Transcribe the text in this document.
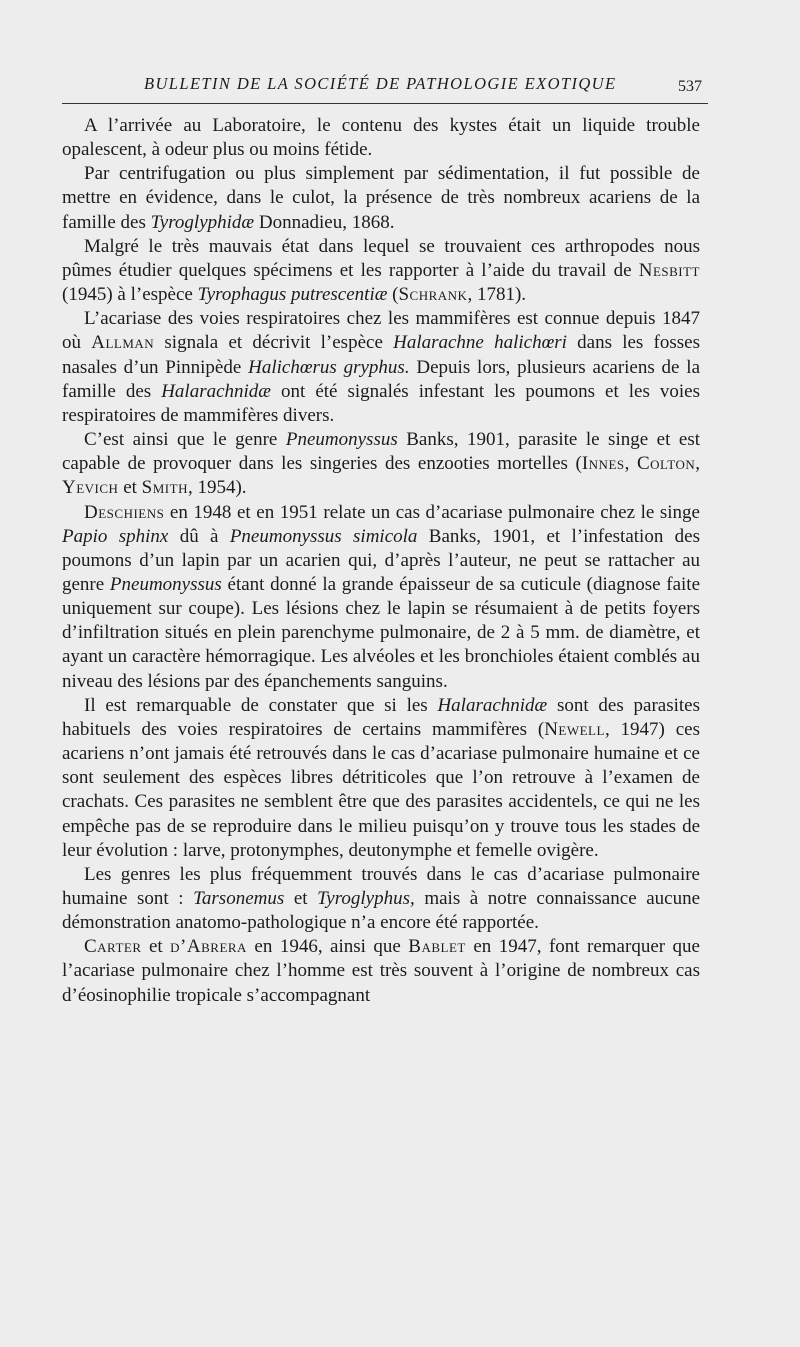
BULLETIN DE LA SOCIÉTÉ DE PATHOLOGIE EXOTIQUE	537

A l’arrivée au Laboratoire, le contenu des kystes était un liquide trouble opalescent, à odeur plus ou moins fétide.

Par centrifugation ou plus simplement par sédimentation, il fut possible de mettre en évidence, dans le culot, la présence de très nombreux acariens de la famille des Tyroglyphidæ Donnadieu, 1868.

Malgré le très mauvais état dans lequel se trouvaient ces arthropodes nous pûmes étudier quelques spécimens et les rapporter à l’aide du travail de Nesbitt (1945) à l’espèce Tyrophagus putrescentiæ (Schrank, 1781).

L’acariase des voies respiratoires chez les mammifères est connue depuis 1847 où Allman signala et décrivit l’espèce Halarachne halichœri dans les fosses nasales d’un Pinnipède Halichœrus gryphus. Depuis lors, plusieurs acariens de la famille des Halarachnidæ ont été signalés infestant les poumons et les voies respiratoires de mammifères divers.

C’est ainsi que le genre Pneumonyssus Banks, 1901, parasite le singe et est capable de provoquer dans les singeries des enzooties mortelles (Innes, Colton, Yevich et Smith, 1954).

Deschiens en 1948 et en 1951 relate un cas d’acariase pulmonaire chez le singe Papio sphinx dû à Pneumonyssus simicola Banks, 1901, et l’infestation des poumons d’un lapin par un acarien qui, d’après l’auteur, ne peut se rattacher au genre Pneumonyssus étant donné la grande épaisseur de sa cuticule (diagnose faite uniquement sur coupe). Les lésions chez le lapin se résumaient à de petits foyers d’infiltration situés en plein parenchyme pulmonaire, de 2 à 5 mm. de diamètre, et ayant un caractère hémorragique. Les alvéoles et les bronchioles étaient comblés au niveau des lésions par des épanchements sanguins.

Il est remarquable de constater que si les Halarachnidæ sont des parasites habituels des voies respiratoires de certains mammifères (Newell, 1947) ces acariens n’ont jamais été retrouvés dans le cas d’acariase pulmonaire humaine et ce sont seulement des espèces libres détriticoles que l’on retrouve à l’examen de crachats. Ces parasites ne semblent être que des parasites accidentels, ce qui ne les empêche pas de se reproduire dans le milieu puisqu’on y trouve tous les stades de leur évolution : larve, protonymphes, deutonymphe et femelle ovigère.

Les genres les plus fréquemment trouvés dans le cas d’acariase pulmonaire humaine sont : Tarsonemus et Tyroglyphus, mais à notre connaissance aucune démonstration anatomo-pathologique n’a encore été rapportée.

Carter et d’Abrera en 1946, ainsi que Bablet en 1947, font remarquer que l’acariase pulmonaire chez l’homme est très souvent à l’origine de nombreux cas d’éosinophilie tropicale s’accompagnant
